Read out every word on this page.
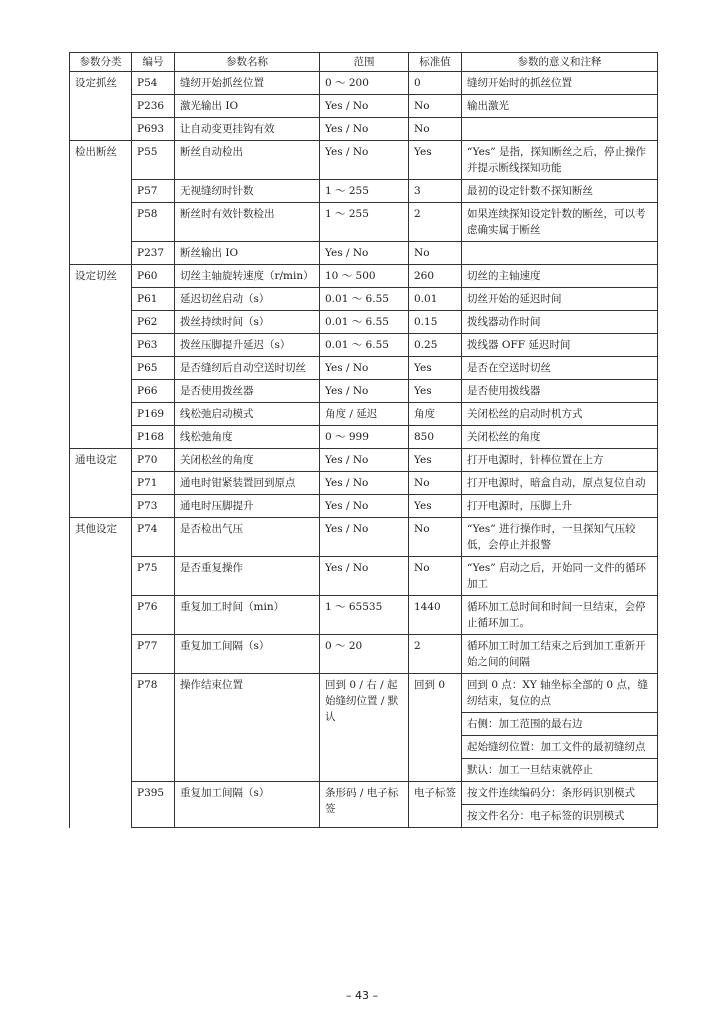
参数分类	编号	参数名称	范围	标准值	参数的意义和注释
设定抓丝	P54	缝纫开始抓丝位置	0 ～ 200	0	缝纫开始时的抓丝位置
	P236	激光输出 IO	Yes / No	No	输出激光
	P693	让自动变更挂钩有效	Yes / No	No	
检出断丝	P55	断丝自动检出	Yes / No	Yes	“Yes” 是指，探知断丝之后，停止操作并提示断线探知功能
	P57	无视缝纫时针数	1 ～ 255	3	最初的设定针数不探知断丝
	P58	断丝时有效针数检出	1 ～ 255	2	如果连续探知设定针数的断丝，可以考虑确实属于断丝
	P237	断丝输出 IO	Yes / No	No	
设定切丝	P60	切丝主轴旋转速度（r/min）	10 ～ 500	260	切丝的主轴速度
	P61	延迟切丝启动（s）	0.01 ～ 6.55	0.01	切丝开始的延迟时间
	P62	拨丝持续时间（s）	0.01 ～ 6.55	0.15	拨线器动作时间
	P63	拨丝压脚提升延迟（s）	0.01 ～ 6.55	0.25	拨线器 OFF 延迟时间
	P65	是否缝纫后自动空送时切丝	Yes / No	Yes	是否在空送时切丝
	P66	是否使用拨丝器	Yes / No	Yes	是否使用拨线器
	P169	线松弛启动模式	角度 / 延迟	角度	关闭松丝的启动时机方式
	P168	线松弛角度	0 ～ 999	850	关闭松丝的角度
通电设定	P70	关闭松丝的角度	Yes / No	Yes	打开电源时，针棒位置在上方
	P71	通电时钳紧装置回到原点	Yes / No	No	打开电源时，暗盒自动，原点复位自动
	P73	通电时压脚提升	Yes / No	Yes	打开电源时，压脚上升
其他设定	P74	是否检出气压	Yes / No	No	“Yes” 进行操作时，一旦探知气压较低，会停止并报警
	P75	是否重复操作	Yes / No	No	“Yes” 启动之后，开始同一文件的循环加工
	P76	重复加工时间（min）	1 ～ 65535	1440	循环加工总时间和时间一旦结束，会停止循环加工。
	P77	重复加工间隔（s）	0 ～ 20	2	循环加工时加工结束之后到加工重新开始之间的间隔
	P78	操作结束位置	回到 0 / 右 / 起始缝纫位置 / 默认	回到 0	回到 0 点：XY 轴坐标全部的 0 点，缝纫结束，复位的点
					右侧：加工范围的最右边
					起始缝纫位置：加工文件的最初缝纫点
					默认：加工一旦结束就停止
	P395	重复加工间隔（s）	条形码 / 电子标签	电子标签	按文件连续编码分：条形码识别模式
					按文件名分：电子标签的识别模式
– 43 –
